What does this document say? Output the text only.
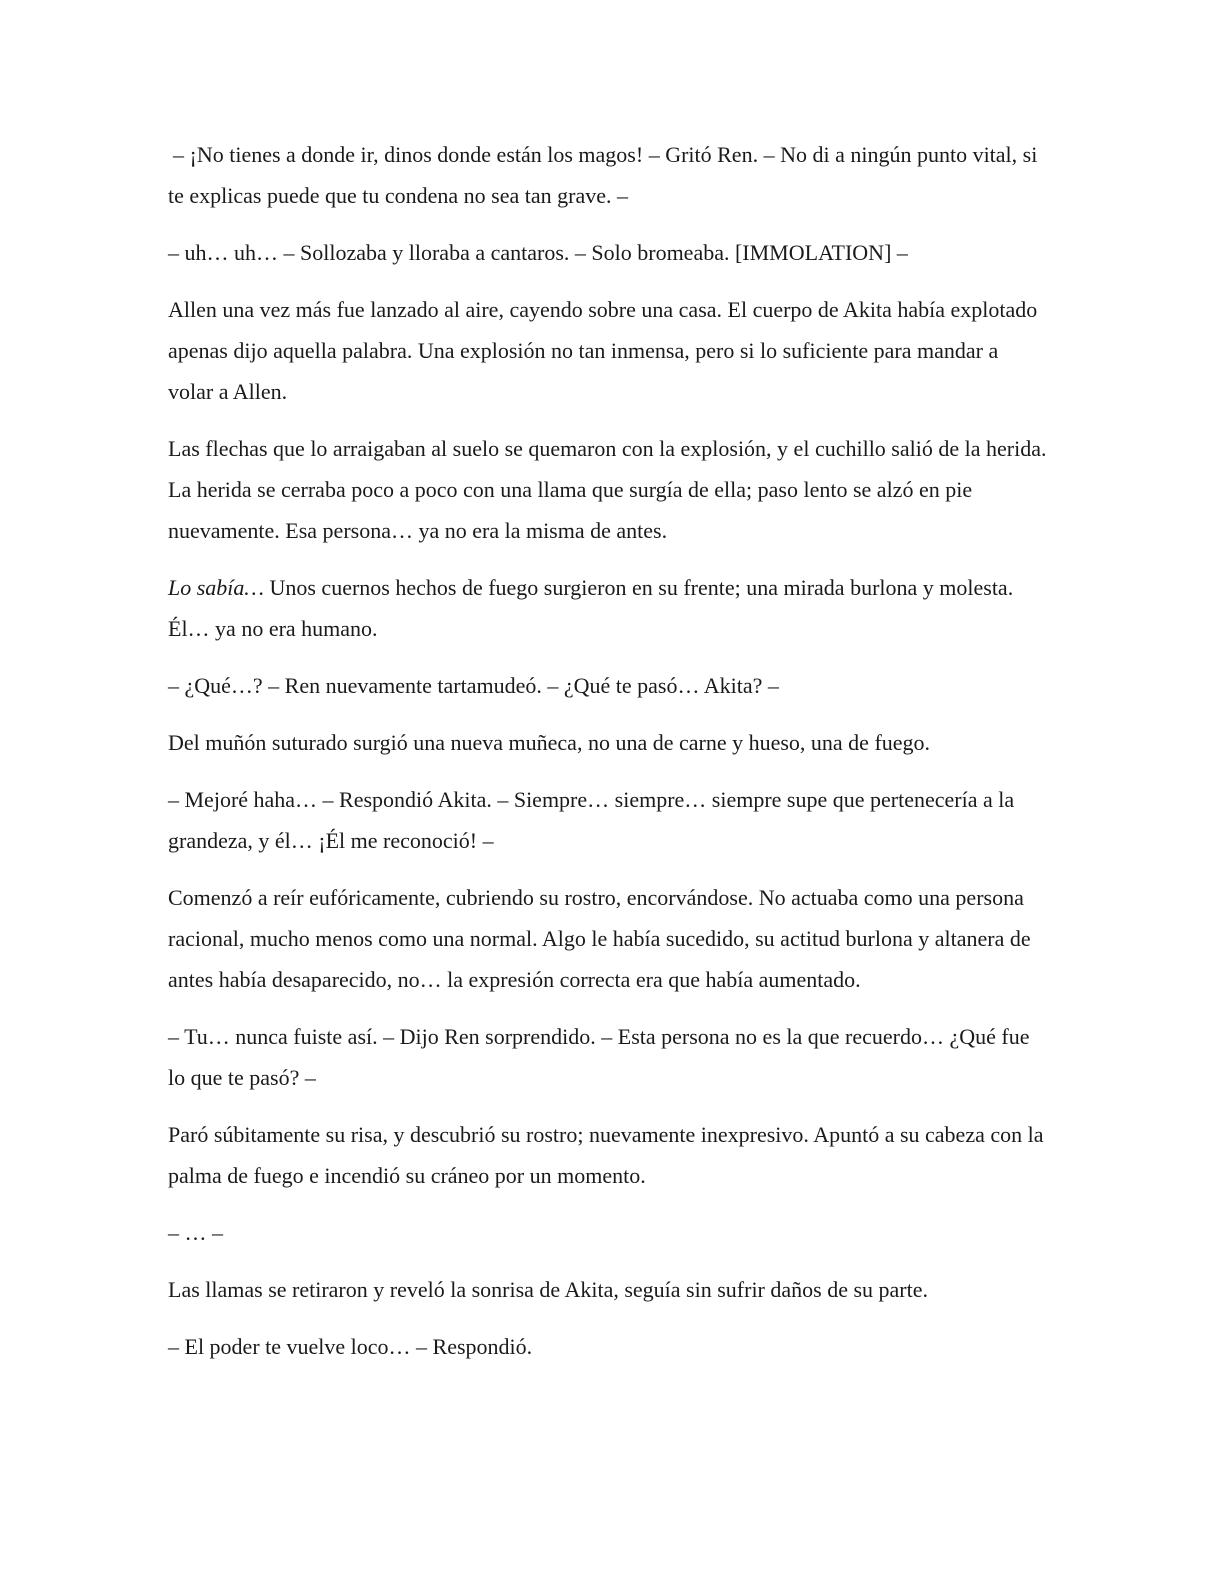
– ¡No tienes a donde ir, dinos donde están los magos! – Gritó Ren. – No di a ningún punto vital, si te explicas puede que tu condena no sea tan grave. –

– uh… uh… – Sollozaba y lloraba a cantaros. – Solo bromeaba. [IMMOLATION] –

Allen una vez más fue lanzado al aire, cayendo sobre una casa. El cuerpo de Akita había explotado apenas dijo aquella palabra. Una explosión no tan inmensa, pero si lo suficiente para mandar a volar a Allen.

Las flechas que lo arraigaban al suelo se quemaron con la explosión, y el cuchillo salió de la herida. La herida se cerraba poco a poco con una llama que surgía de ella; paso lento se alzó en pie nuevamente. Esa persona… ya no era la misma de antes.

Lo sabía… Unos cuernos hechos de fuego surgieron en su frente; una mirada burlona y molesta. Él… ya no era humano.

– ¿Qué…? – Ren nuevamente tartamudeó. – ¿Qué te pasó… Akita? –

Del muñón suturado surgió una nueva muñeca, no una de carne y hueso, una de fuego.

– Mejoré haha… – Respondió Akita. – Siempre… siempre… siempre supe que pertenecería a la grandeza, y él… ¡Él me reconoció! –

Comenzó a reír eufóricamente, cubriendo su rostro, encorvándose. No actuaba como una persona racional, mucho menos como una normal. Algo le había sucedido, su actitud burlona y altanera de antes había desaparecido, no… la expresión correcta era que había aumentado.

– Tu… nunca fuiste así. – Dijo Ren sorprendido. – Esta persona no es la que recuerdo… ¿Qué fue lo que te pasó? –

Paró súbitamente su risa, y descubrió su rostro; nuevamente inexpresivo. Apuntó a su cabeza con la palma de fuego e incendió su cráneo por un momento.

– … –

Las llamas se retiraron y reveló la sonrisa de Akita, seguía sin sufrir daños de su parte.

– El poder te vuelve loco… – Respondió.
